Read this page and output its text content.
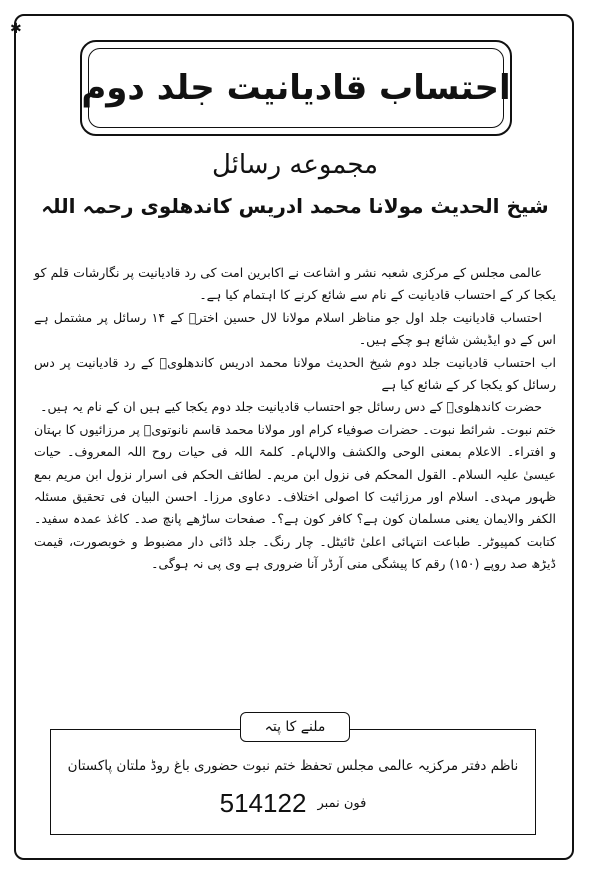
✱
احتساب قادیانیت جلد دوم
مجموعه رسائل
شیخ الحدیث مولانا محمد ادریس کاندھلوی رحمہ اللہ

عالمی مجلس کے مرکزی شعبہ نشر و اشاعت نے اکابرین امت کی رد قادیانیت پر نگارشات قلم کو یکجا کر کے احتساب قادیانیت کے نام سے شائع کرنے کا اہتمام کیا ہے۔

احتساب قادیانیت جلد اول جو مناظر اسلام مولانا لال حسین اخترؒ کے ۱۴ رسائل پر مشتمل ہے اس کے دو ایڈیشن شائع ہو چکے ہیں۔

اب احتساب قادیانیت جلد دوم شیخ الحدیث مولانا محمد ادریس کاندھلویؒ کے رد قادیانیت پر دس رسائل کو یکجا کر کے شائع کیا ہے

حضرت کاندھلویؒ کے دس رسائل جو احتساب قادیانیت جلد دوم یکجا کیے ہیں ان کے نام یہ ہیں۔

ختم نبوت۔ شرائط نبوت۔ حضرات صوفیاء کرام اور مولانا محمد قاسم نانوتویؒ پر مرزائیوں کا بہتان و افتراء۔ الاعلام بمعنی الوحی والکشف والالہام۔ کلمۃ اللہ فی حیات روح اللہ المعروف۔ حیات عیسیٰ علیہ السلام۔ القول المحکم فی نزول ابن مریم۔ لطائف الحکم فی اسرار نزول ابن مریم بمع ظہور مہدی۔ اسلام اور مرزائیت کا اصولی اختلاف۔ دعاوی مرزا۔ احسن البیان فی تحقیق مسئلہ الکفر والایمان یعنی مسلمان کون ہے؟ کافر کون ہے؟۔ صفحات ساڑھے پانچ صد۔ کاغذ عمدہ سفید۔ کتابت کمپیوٹر۔ طباعت انتہائی اعلیٰ ٹائیٹل۔ چار رنگ۔ جلد ڈائی دار مضبوط و خوبصورت، قیمت ڈیڑھ صد روپے (۱۵۰) رقم کا پیشگی منی آرڈر آنا ضروری ہے وی پی نہ ہوگی۔

ملنے کا پتہ
ناظم دفتر مرکزیہ عالمی مجلس تحفظ ختم نبوت حضوری باغ روڈ ملتان پاکستان
514122 فون نمبر
